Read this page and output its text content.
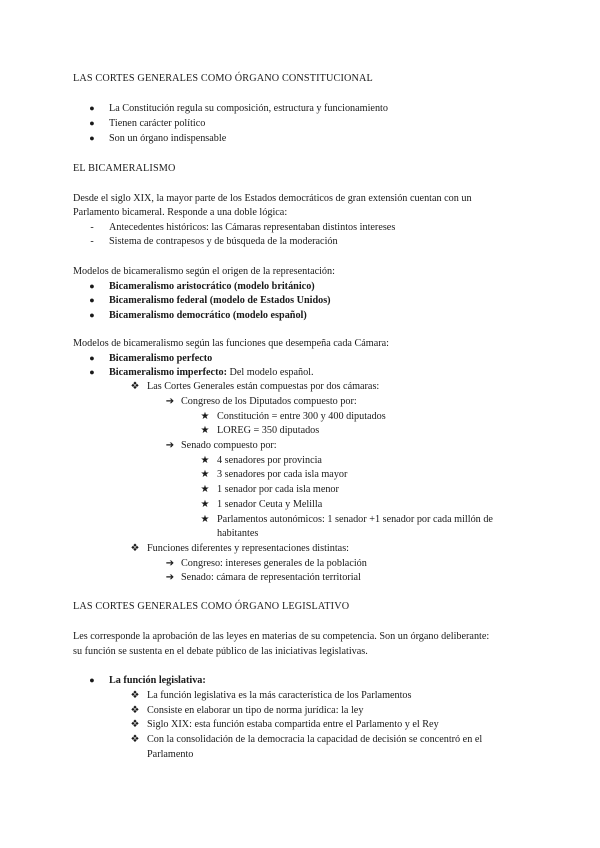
LAS CORTES GENERALES COMO ÓRGANO CONSTITUCIONAL
●	La Constitución regula su composición, estructura y funcionamiento
●	Tienen carácter político
●	Son un órgano indispensable
EL BICAMERALISMO
Desde el siglo XIX, la mayor parte de los Estados democráticos de gran extensión cuentan con un
Parlamento bicameral. Responde a una doble lógica:
-	Antecedentes históricos: las Cámaras representaban distintos intereses
-	Sistema de contrapesos y de búsqueda de la moderación
Modelos de bicameralismo según el origen de la representación:
●	Bicameralismo aristocrático (modelo británico)
●	Bicameralismo federal (modelo de Estados Unidos)
●	Bicameralismo democrático (modelo español)
Modelos de bicameralismo según las funciones que desempeña cada Cámara:
●	Bicameralismo perfecto
●	Bicameralismo imperfecto: Del modelo español.
❖ Las Cortes Generales están compuestas por dos cámaras:
➔ Congreso de los Diputados compuesto por:
★ Constitución = entre 300 y 400 diputados
★ LOREG = 350 diputados
➔ Senado compuesto por:
★ 4 senadores por provincia
★ 3 senadores por cada isla mayor
★ 1 senador por cada isla menor
★ 1 senador Ceuta y Melilla
★ Parlamentos autonómicos: 1 senador +1 senador por cada millón de
habitantes
❖ Funciones diferentes y representaciones distintas:
➔ Congreso: intereses generales de la población
➔ Senado: cámara de representación territorial
LAS CORTES GENERALES COMO ÓRGANO LEGISLATIVO
Les corresponde la aprobación de las leyes en materias de su competencia. Son un órgano deliberante:
su función se sustenta en el debate público de las iniciativas legislativas.
●	La función legislativa:
❖ La función legislativa es la más característica de los Parlamentos
❖ Consiste en elaborar un tipo de norma jurídica: la ley
❖ Siglo XIX: esta función estaba compartida entre el Parlamento y el Rey
❖ Con la consolidación de la democracia la capacidad de decisión se concentró en el
Parlamento
